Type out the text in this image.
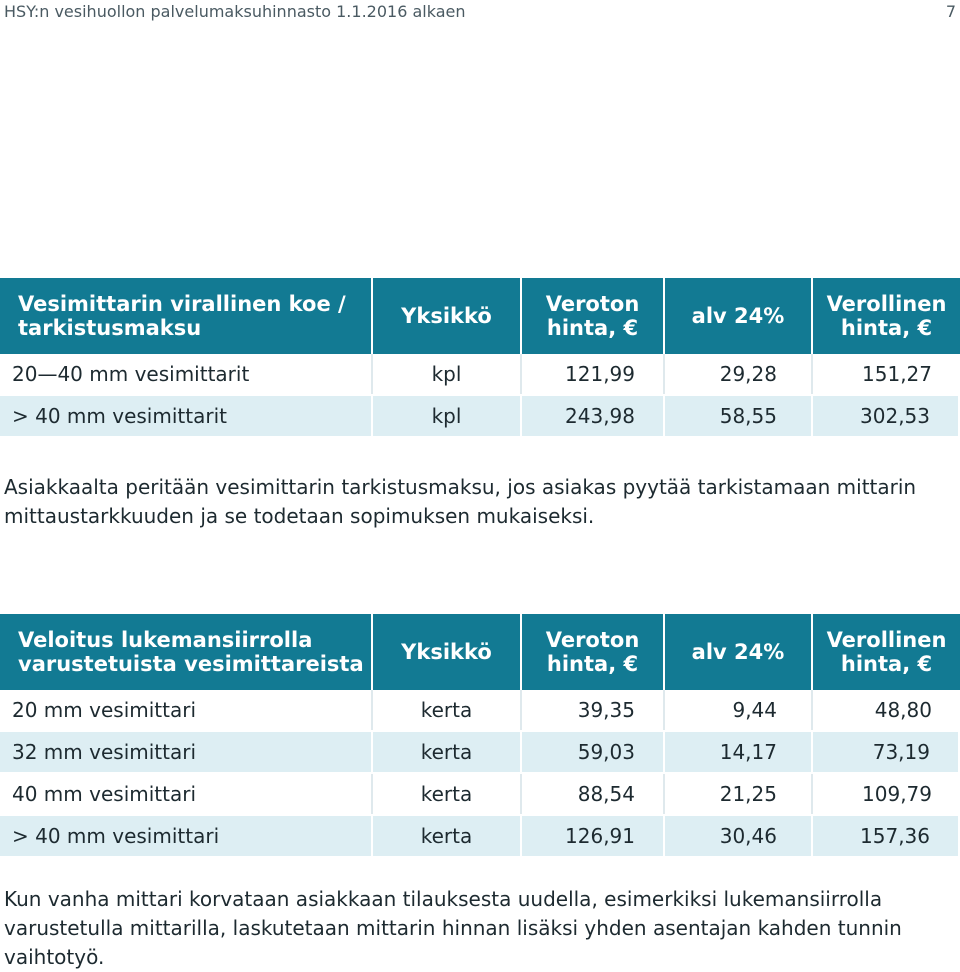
HSY:n vesihuollon palvelumaksuhinnasto 1.1.2016 alkaen	7
Vesimittarin virallinen koe / tarkistusmaksu	Yksikkö	Veroton hinta, €	alv 24%	Verollinen hinta, €
20—40 mm vesimittarit	kpl	121,99	29,28	151,27
> 40 mm vesimittarit	kpl	243,98	58,55	302,53
Asiakkaalta peritään vesimittarin tarkistusmaksu, jos asiakas pyytää tarkistamaan mittarin mittaustarkkuuden ja se todetaan sopimuksen mukaiseksi.
Veloitus lukemansiirrolla varustetuista vesimittareista	Yksikkö	Veroton hinta, €	alv 24%	Verollinen hinta, €
20 mm vesimittari	kerta	39,35	9,44	48,80
32 mm vesimittari	kerta	59,03	14,17	73,19
40 mm vesimittari	kerta	88,54	21,25	109,79
> 40 mm vesimittari	kerta	126,91	30,46	157,36
Kun vanha mittari korvataan asiakkaan tilauksesta uudella, esimerkiksi lukemansiirrolla varustetulla mittarilla, laskutetaan mittarin hinnan lisäksi yhden asentajan kahden tunnin vaihtotyö.
